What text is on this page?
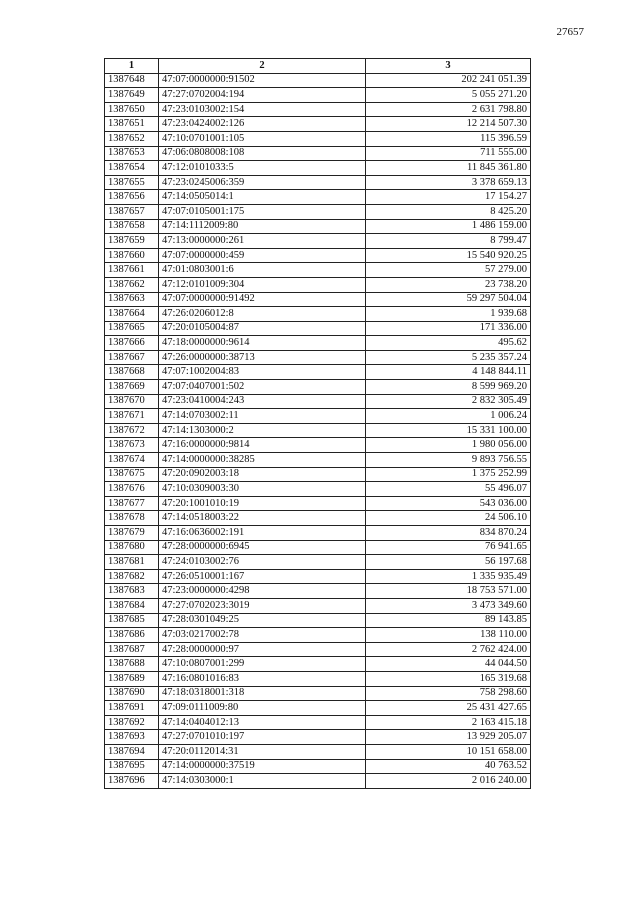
27657
1	2	3
1387648	47:07:0000000:91502	202 241 051.39
1387649	47:27:0702004:194	5 055 271.20
1387650	47:23:0103002:154	2 631 798.80
1387651	47:23:0424002:126	12 214 507.30
1387652	47:10:0701001:105	115 396.59
1387653	47:06:0808008:108	711 555.00
1387654	47:12:0101033:5	11 845 361.80
1387655	47:23:0245006:359	3 378 659.13
1387656	47:14:0505014:1	17 154.27
1387657	47:07:0105001:175	8 425.20
1387658	47:14:1112009:80	1 486 159.00
1387659	47:13:0000000:261	8 799.47
1387660	47:07:0000000:459	15 540 920.25
1387661	47:01:0803001:6	57 279.00
1387662	47:12:0101009:304	23 738.20
1387663	47:07:0000000:91492	59 297 504.04
1387664	47:26:0206012:8	1 939.68
1387665	47:20:0105004:87	171 336.00
1387666	47:18:0000000:9614	495.62
1387667	47:26:0000000:38713	5 235 357.24
1387668	47:07:1002004:83	4 148 844.11
1387669	47:07:0407001:502	8 599 969.20
1387670	47:23:0410004:243	2 832 305.49
1387671	47:14:0703002:11	1 006.24
1387672	47:14:1303000:2	15 331 100.00
1387673	47:16:0000000:9814	1 980 056.00
1387674	47:14:0000000:38285	9 893 756.55
1387675	47:20:0902003:18	1 375 252.99
1387676	47:10:0309003:30	55 496.07
1387677	47:20:1001010:19	543 036.00
1387678	47:14:0518003:22	24 506.10
1387679	47:16:0636002:191	834 870.24
1387680	47:28:0000000:6945	76 941.65
1387681	47:24:0103002:76	56 197.68
1387682	47:26:0510001:167	1 335 935.49
1387683	47:23:0000000:4298	18 753 571.00
1387684	47:27:0702023:3019	3 473 349.60
1387685	47:28:0301049:25	89 143.85
1387686	47:03:0217002:78	138 110.00
1387687	47:28:0000000:97	2 762 424.00
1387688	47:10:0807001:299	44 044.50
1387689	47:16:0801016:83	165 319.68
1387690	47:18:0318001:318	758 298.60
1387691	47:09:0111009:80	25 431 427.65
1387692	47:14:0404012:13	2 163 415.18
1387693	47:27:0701010:197	13 929 205.07
1387694	47:20:0112014:31	10 151 658.00
1387695	47:14:0000000:37519	40 763.52
1387696	47:14:0303000:1	2 016 240.00
